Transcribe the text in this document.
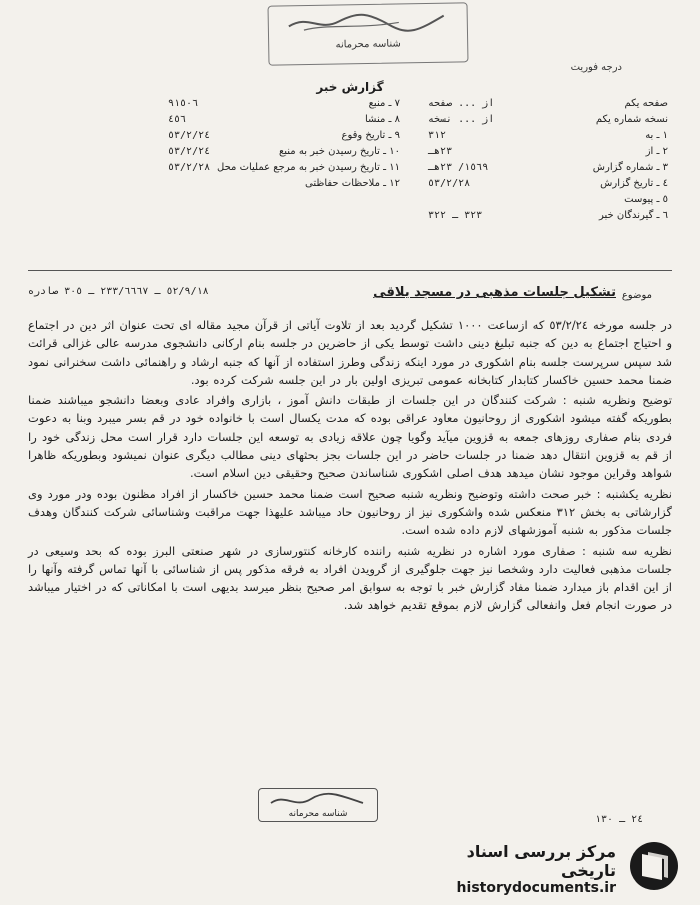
شناسه محرمانه
درجه فوریت
گزارش خبر
٧ ـ منبع
٩١٥٠٦
٨ ـ منشا
٤٥٦
٩ ـ تاریخ وقوع
٥٣/٢/٢٤
١٠ ـ تاریخ رسیدن خبر به منبع
٥٣/٢/٢٤
١١ ـ تاریخ رسیدن خبر به مرجع عملیات محل
٥٣/٢/٢٨
١٢ ـ ملاحظات حفاظتی
صفحه یکم
از ... صفحه
نسخه شماره یکم
از ... نسخه
١ ـ به
٣١٢
٢ ـ از
٢٣هـ
٣ ـ شماره گزارش
١٥٦٩/ ٢٣هـ
٤ ـ تاریخ گزارش
٥٣/٢/٢٨
٥ ـ پیوست
٦ ـ گیرندگان خبر
٣٢٣ ـ ٣٢٢
موضوع
تشکیل جلسات مذهبی در مسجد یلاقی
٥٢/٩/١٨ ـ ٢٣٣/٦٦٦٧ ـ ٣٠٥ صادره

در جلسه مورخه ٥٣/٢/٢٤ که ازساعت ١٠٠٠ تشکیل گردید بعد از تلاوت آیاتی از قرآن مجید مقاله ای تحت عنوان اثر دین در اجتماع و احتیاج اجتماع به دین که جنبه تبلیغ دینی داشت توسط یکی از حاضرین در جلسه بنام ارکانی دانشجوی مدرسه عالی غزالی قرائت شد سپس سرپرست جلسه بنام اشکوری در مورد اینکه زندگی وطرز استفاده از آنها که جنبه ارشاد و راهنمائی داشت سخنرانی نمود ضمنا محمد حسین خاکسار کتابدار کتابخانه عمومی تبریزی اولین بار در این جلسه شرکت کرده بود.

توضیح ونظریه شنبه : شرکت کنندگان در این جلسات از طبقات دانش آموز ، بازاری وافراد عادی وبعضا دانشجو میباشند ضمنا بطوریکه گفته میشود اشکوری از روحانیون معاود عراقی بوده که مدت یکسال است با خانواده خود در قم بسر میبرد وبنا به دعوت فردی بنام صفاری روزهای جمعه به قزوین میآید وگویا چون علاقه زیادی به توسعه این جلسات دارد قرار است محل زندگی خود را از قم به قزوین انتقال دهد ضمنا در جلسات حاضر در این جلسات بجز بحثهای دینی مطالب دیگری عنوان نمیشود وبطوریکه ظاهرا شواهد وقراین موجود نشان میدهد هدف اصلی اشکوری شناساندن صحیح وحقیقی دین اسلام است.

نظریه یکشنبه : خبر صحت داشته وتوضیح ونظریه شنبه صحیح است ضمنا محمد حسین خاکسار از افراد مظنون بوده ودر مورد وی گزارشاتی به بخش ٣١٢ منعکس شده واشکوری نیز از روحانیون حاد میباشد علیهذا جهت مراقبت وشناسائی شرکت کنندگان وهدف جلسات مذکور به شنبه آموزشهای لازم داده شده است.

نظریه سه شنبه : صفاری مورد اشاره در نظریه شنبه راننده کارخانه کنتورسازی در شهر صنعتی البرز بوده که بحد وسیعی در جلسات مذهبی فعالیت دارد وشخصا نیز جهت جلوگیری از گرویدن افراد به فرقه مذکور پس از شناسائی با آنها تماس گرفته وآنها را از این اقدام باز میدارد ضمنا مفاد گزارش خبر با توجه به سوابق امر صحیح بنظر میرسد بدیهی است با امکاناتی که در اختیار میباشد در صورت انجام فعل وانفعالی گزارش لازم بموقع تقدیم خواهد شد.

شناسه محرمانه	٢٤ ـ ١٣٠
مرکز بررسی اسناد تاریخی
historydocuments.ir
